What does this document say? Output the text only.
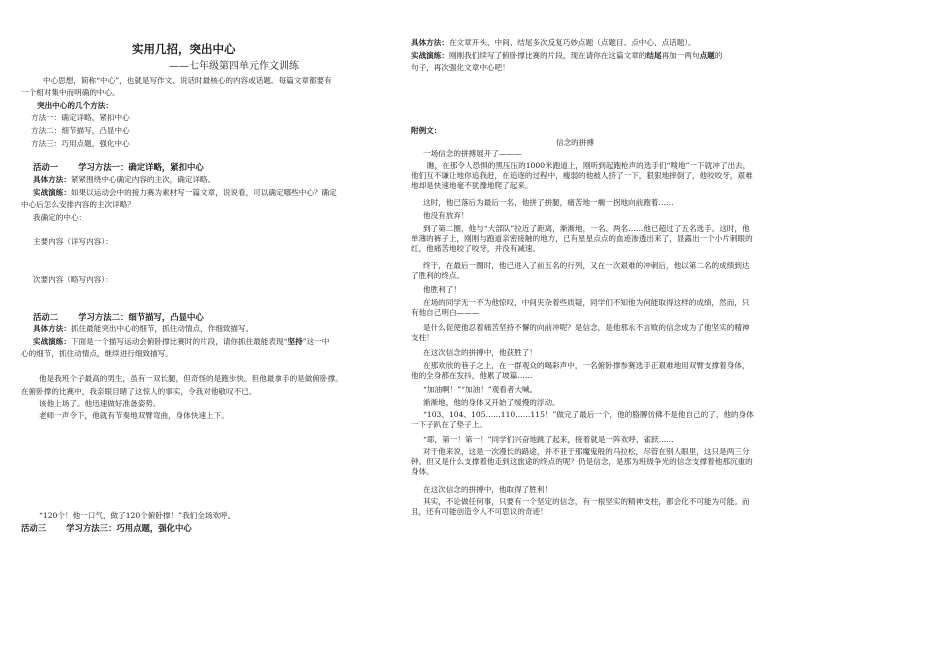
实用几招，突出中心
——七年级第四单元作文训练
中心思想，简称“中心”，也就是写作文、说话时最核心的内容或话题。每篇文章都要有
一个相对集中而明确的中心。
突出中心的几个方法：
方法一：确定详略，紧扣中心
方法二：细节描写，凸显中心
方法三：巧用点题，强化中心
活动一 学习方法一：确定详略，紧扣中心
具体方法：紧紧围绕中心确定内容的主次，确定详略。
实战演练：如果以运动会中的接力赛为素材写一篇文章，说说看，可以确定哪些中心？确定
中心后怎么安排内容的主次详略？
我确定的中心：
主要内容（详写内容）：
次要内容（略写内容）：
活动二 学习方法二：细节描写，凸显中心
具体方法：抓住最能突出中心的细节，抓住动情点，作细致描写。
实战演练：下面是一个描写运动会俯卧撑比赛时的片段，请你抓住最能表现“坚持”这一中
心的细节，抓住动情点，继续进行细致描写。
他是我班个子最高的男生，虽有一双长腿，但奇怪的是跑步快。但他最拿手的是做俯卧撑。
在俯卧撑的比赛中，我亲眼目睹了这惊人的事实，令我对他敬叹不已。
该他上场了。他迅速做好准备姿势。
老师一声令下，他就有节奏地双臂弯曲，身体快速上下。
“120个！他一口气，做了120个俯卧撑！”我们全场欢呼。
活动三 学习方法三：巧用点题，强化中心
具体方法：在文章开头、中间、结尾多次反复巧妙点题（点题目、点中心、点话题）。
实战演练：刚刚我们续写了俯卧撑比赛的片段，现在请你在这篇文章的结尾再加一两句点题的
句子，再次强化文章中心吧！
附例文：
信念的拼搏
一场信念的拼搏展开了———
瞧，在那令人恐惧的黑压压的1000米跑道上，刚听到起跑枪声的选手们“嗖地”一下就冲了出去，他们互不谦让地你追我赶，在追逐的过程中，瘦弱的他被人挤了一下，狠狠地摔倒了，他咬咬牙，艰难地却是快速地毫不犹豫地爬了起来。
这时，他已落后为最后一名，他拼了拼腿，痛苦地一瘸一拐地向前跑着……
他没有放弃！
到了第二圈，他与“大部队”拉近了距离，渐渐地，一名、两名……他已超过了五名选手。这时，他单薄的裤子上，刚刚与跑道亲密接触的地方，已有星星点点的血迹渗透出来了，显露出一个小片刺眼的红，他痛苦地咬了咬牙，并没有减速。
终于，在最后一圈时，他已进入了前五名的行列，又在一次艰难的冲刺后，他以第二名的成绩到达了胜利的终点。
他胜利了！
在场的同学无一不为他惊叹，中间夹杂着些质疑，同学们不知他为何能取得这样的成绩，然而，只有他自己明白———
是什么促使他忍着痛苦坚持不懈的向前冲呢？是信念，是他那永不言败的信念成为了他坚实的精神支柱！
在这次信念的拼搏中，他获胜了！
在那欢欣的巷子之上，在一群观众的喝彩声中，一名俯卧撑参赛选手正艰难地用双臂支撑着身体，他的全身都在发抖，他累了坡篇……
“加油啊！”“加油！”观看者大喊。
渐渐地，他的身体又开始了缓慢的浮动。
“103、104、105……110……115！”做完了最后一个，他的胳膊仿佛不是他自己的了，他的身体一下子趴在了垫子上。
“耶，第一！第一！”同学们兴奋地跳了起来，接着就是一阵欢呼、雀跃……
对于他来说，这是一次漫长的路途，并不亚于那魔鬼般的马拉松，尽管在别人眼里，这只是两三分钟。但又是什么支撑着他走到这旅途的终点的呢？仍是信念，是那为班级争光的信念支撑着他那沉重的身体。
在这次信念的拼搏中，他取得了胜利！
其实，不论做任何事，只要有一个坚定的信念，有一根坚实的精神支柱，都会化不可能为可能。而且，还有可能创造令人不可思议的奇迹！
